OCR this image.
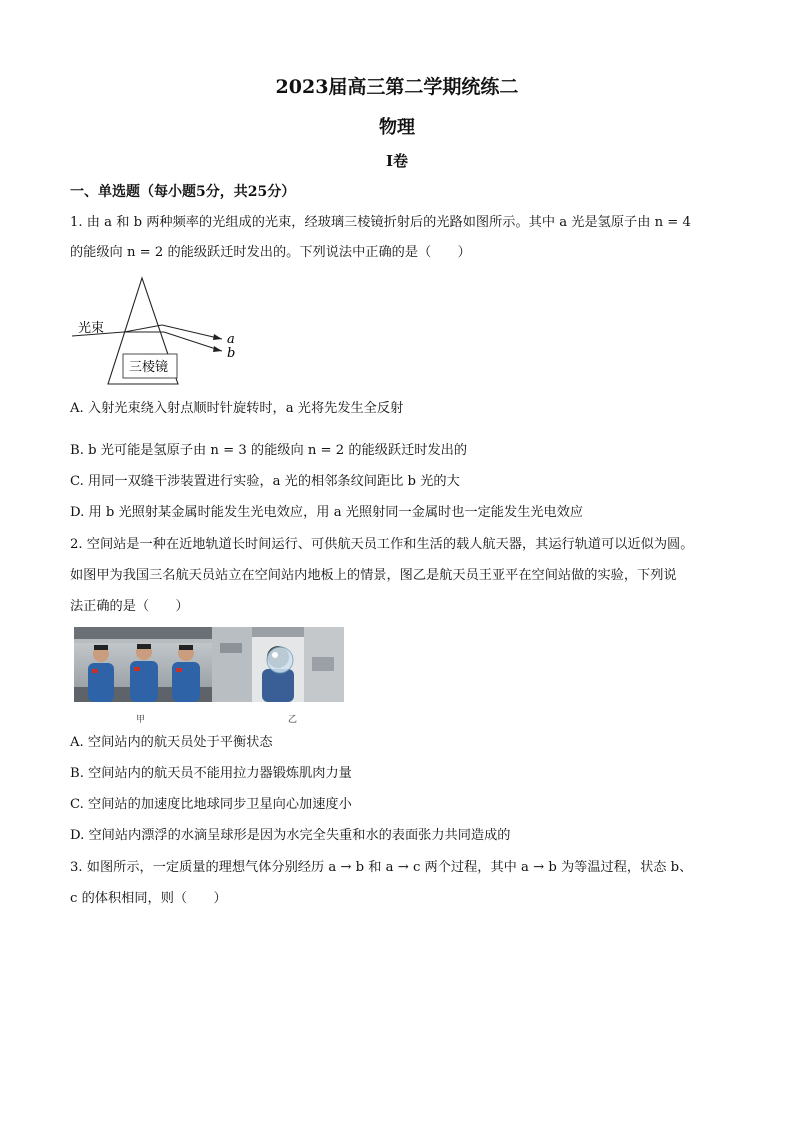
2023届高三第二学期统练二
物理
I卷
一、单选题（每小题5分，共25分）
1. 由 a 和 b 两种频率的光组成的光束，经玻璃三棱镜折射后的光路如图所示。其中 a 光是氢原子由 n = 4
的能级向 n = 2 的能级跃迁时发出的。下列说法中正确的是（　　）
光束
三棱镜
a
b
A. 入射光束绕入射点顺时针旋转时，a 光将先发生全反射
B. b 光可能是氢原子由 n = 3 的能级向 n = 2 的能级跃迁时发出的
C. 用同一双缝干涉装置进行实验，a 光的相邻条纹间距比 b 光的大
D. 用 b 光照射某金属时能发生光电效应，用 a 光照射同一金属时也一定能发生光电效应
2. 空间站是一种在近地轨道长时间运行、可供航天员工作和生活的载人航天器，其运行轨道可以近似为圆。
如图甲为我国三名航天员站立在空间站内地板上的情景，图乙是航天员王亚平在空间站做的实验，下列说
法正确的是（　　）
甲	乙
A. 空间站内的航天员处于平衡状态
B. 空间站内的航天员不能用拉力器锻炼肌肉力量
C. 空间站的加速度比地球同步卫星向心加速度小
D. 空间站内漂浮的水滴呈球形是因为水完全失重和水的表面张力共同造成的
3. 如图所示，一定质量的理想气体分别经历 a → b 和 a → c 两个过程，其中 a → b 为等温过程，状态 b、
c 的体积相同，则（　　）
